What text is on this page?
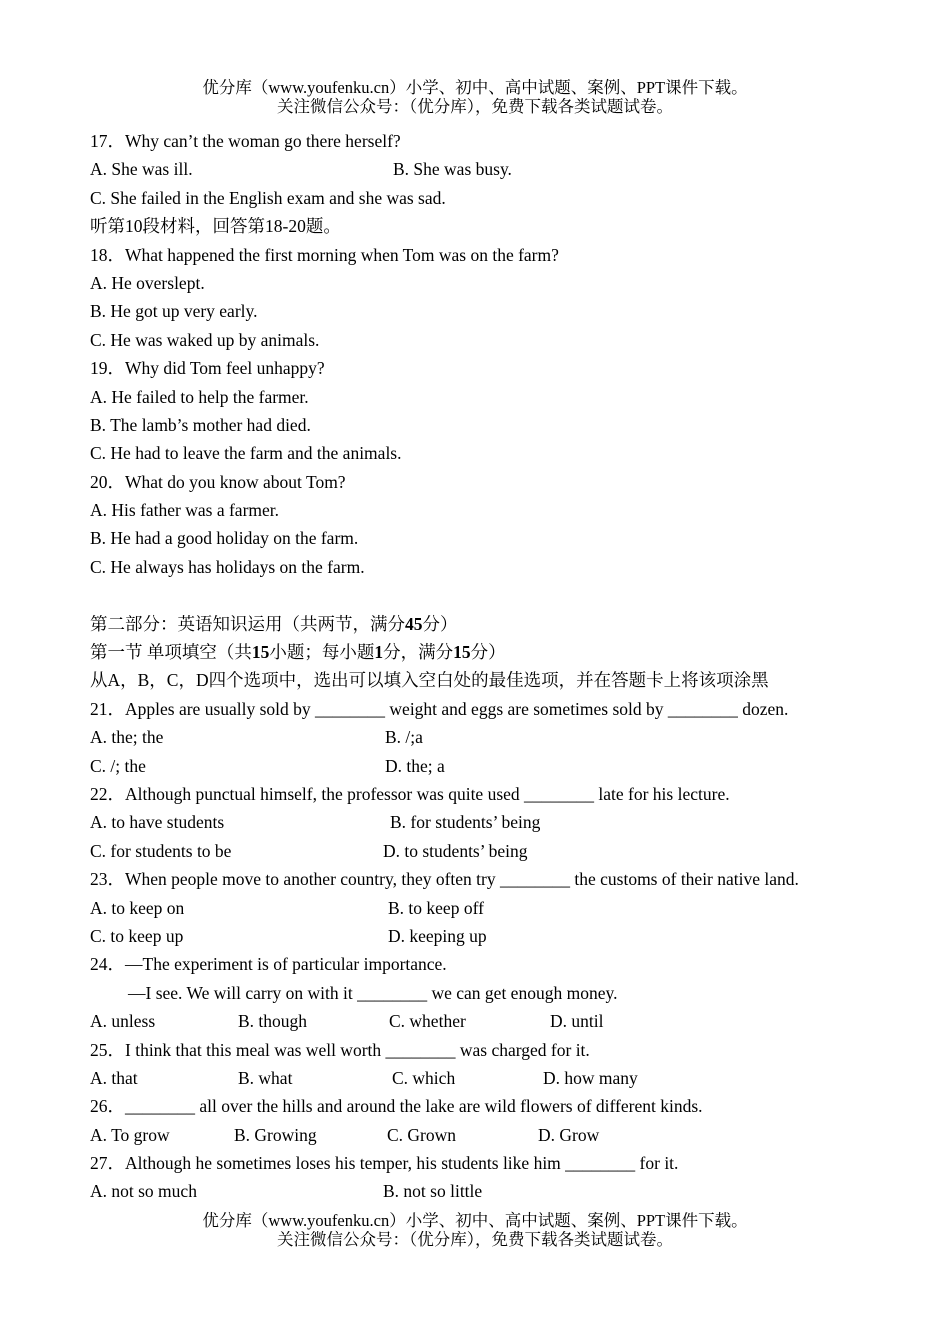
优分库（www.youfenku.cn）小学、初中、高中试题、案例、PPT课件下载。
关注微信公众号：（优分库），免费下载各类试题试卷。
17．Why can’t the woman go there herself?
A. She was ill.	B. She was busy.
C. She failed in the English exam and she was sad.
听第10段材料，回答第18-20题。
18．What happened the first morning when Tom was on the farm?
A. He overslept.
B. He got up very early.
C. He was waked up by animals.
19．Why did Tom feel unhappy?
A. He failed to help the farmer.
B. The lamb’s mother had died.
C. He had to leave the farm and the animals.
20．What do you know about Tom?
A. His father was a farmer.
B. He had a good holiday on the farm.
C. He always has holidays on the farm.
第二部分：英语知识运用（共两节，满分45分）
第一节 单项填空（共15小题；每小题1分，满分15分）
从A，B，C，D四个选项中，选出可以填入空白处的最佳选项，并在答题卡上将该项涂黑
21．Apples are usually sold by ________ weight and eggs are sometimes sold by ________ dozen.
A. the; the	B. /;a
C. /; the	D. the; a
22．Although punctual himself, the professor was quite used ________ late for his lecture.
A. to have students	B. for students’ being
C. for students to be	D. to students’ being
23．When people move to another country, they often try ________ the customs of their native land.
A. to keep on	B. to keep off
C. to keep up	D. keeping up
24．—The experiment is of particular importance.
—I see. We will carry on with it ________ we can get enough money.
A. unless	B. though	C. whether	D. until
25．I think that this meal was well worth ________ was charged for it.
A. that	B. what	C. which	D. how many
26．________ all over the hills and around the lake are wild flowers of different kinds.
A. To grow	B. Growing	C. Grown	D. Grow
27．Although he sometimes loses his temper, his students like him ________ for it.
A. not so much	B. not so little
优分库（www.youfenku.cn）小学、初中、高中试题、案例、PPT课件下载。
关注微信公众号：（优分库），免费下载各类试题试卷。
